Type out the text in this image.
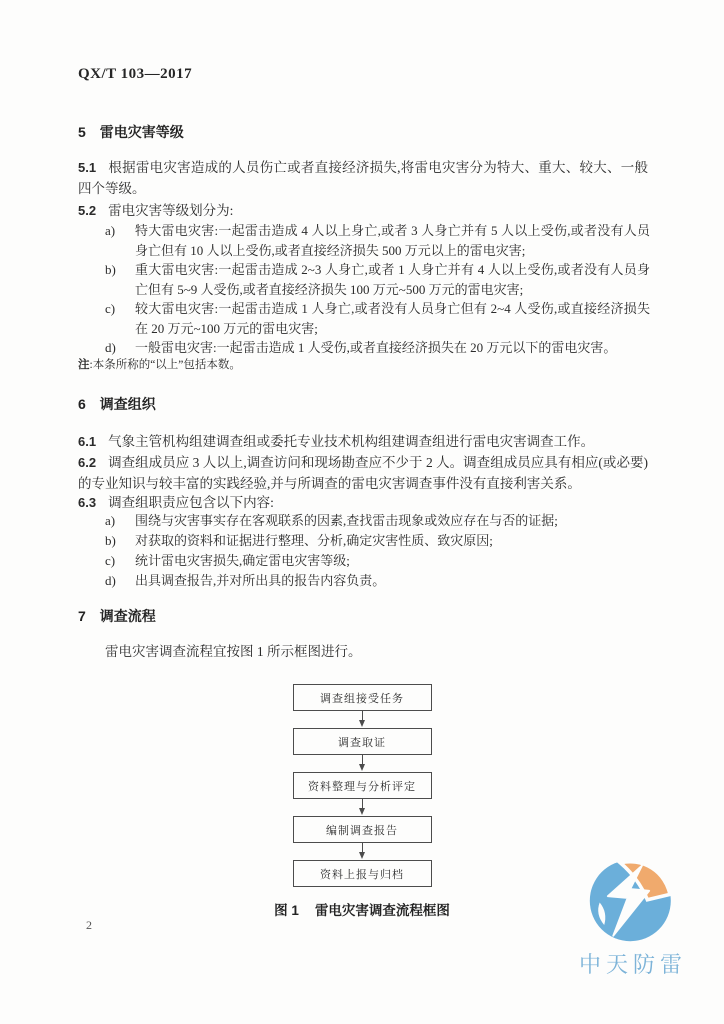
QX/T 103—2017
5 雷电灾害等级
5.1 根据雷电灾害造成的人员伤亡或者直接经济损失,将雷电灾害分为特大、重大、较大、一般四个等级。
5.2 雷电灾害等级划分为:
a) 特大雷电灾害:一起雷击造成 4 人以上身亡,或者 3 人身亡并有 5 人以上受伤,或者没有人员身亡但有 10 人以上受伤,或者直接经济损失 500 万元以上的雷电灾害;
b) 重大雷电灾害:一起雷击造成 2~3 人身亡,或者 1 人身亡并有 4 人以上受伤,或者没有人员身亡但有 5~9 人受伤,或者直接经济损失 100 万元~500 万元的雷电灾害;
c) 较大雷电灾害:一起雷击造成 1 人身亡,或者没有人员身亡但有 2~4 人受伤,或直接经济损失在 20 万元~100 万元的雷电灾害;
d) 一般雷电灾害:一起雷击造成 1 人受伤,或者直接经济损失在 20 万元以下的雷电灾害。
注:本条所称的“以上”包括本数。
6 调查组织
6.1 气象主管机构组建调查组或委托专业技术机构组建调查组进行雷电灾害调查工作。
6.2 调查组成员应 3 人以上,调查访问和现场勘查应不少于 2 人。调查组成员应具有相应(或必要)的专业知识与较丰富的实践经验,并与所调查的雷电灾害调查事件没有直接利害关系。
6.3 调查组职责应包含以下内容:
a) 围绕与灾害事实存在客观联系的因素,查找雷击现象或效应存在与否的证据;
b) 对获取的资料和证据进行整理、分析,确定灾害性质、致灾原因;
c) 统计雷电灾害损失,确定雷电灾害等级;
d) 出具调查报告,并对所出具的报告内容负责。
7 调查流程
雷电灾害调查流程宜按图 1 所示框图进行。
调查组接受任务
调查取证
资料整理与分析评定
编制调查报告
资料上报与归档
图 1 雷电灾害调查流程框图
2
中天防雷
